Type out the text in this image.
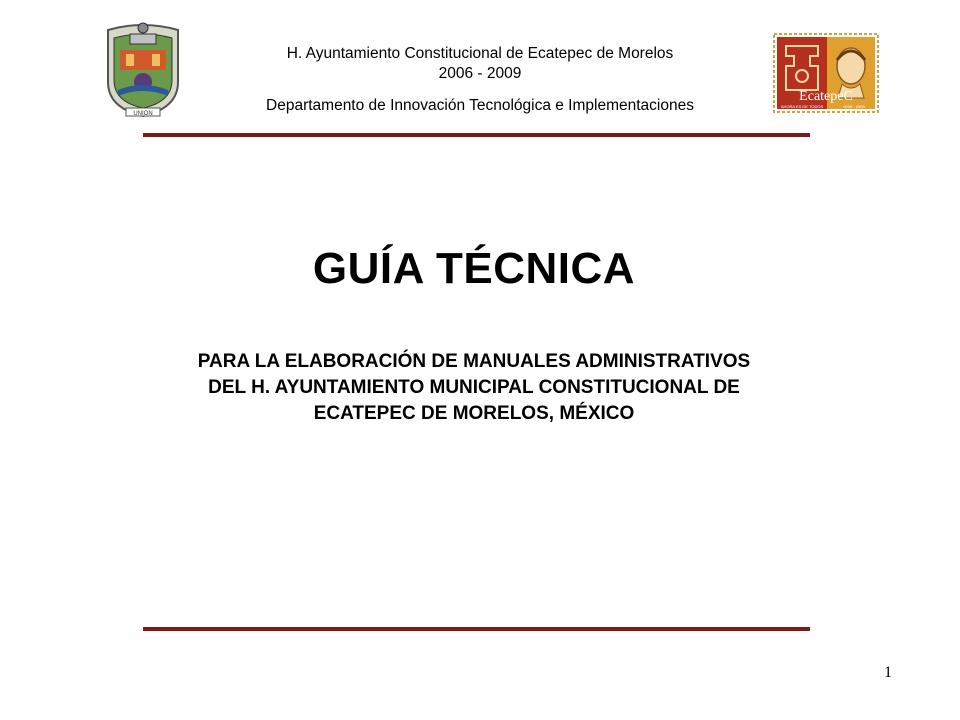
UNION
H. Ayuntamiento Constitucional de Ecatepec de Morelos
2006 - 2009
Departamento de Innovación Tecnológica e Implementaciones
EcatepeC
AHORA ES DE TODOS	2006 - 2009
GUÍA TÉCNICA
PARA LA ELABORACIÓN DE MANUALES ADMINISTRATIVOS
DEL H. AYUNTAMIENTO MUNICIPAL CONSTITUCIONAL DE
ECATEPEC DE MORELOS, MÉXICO
1
